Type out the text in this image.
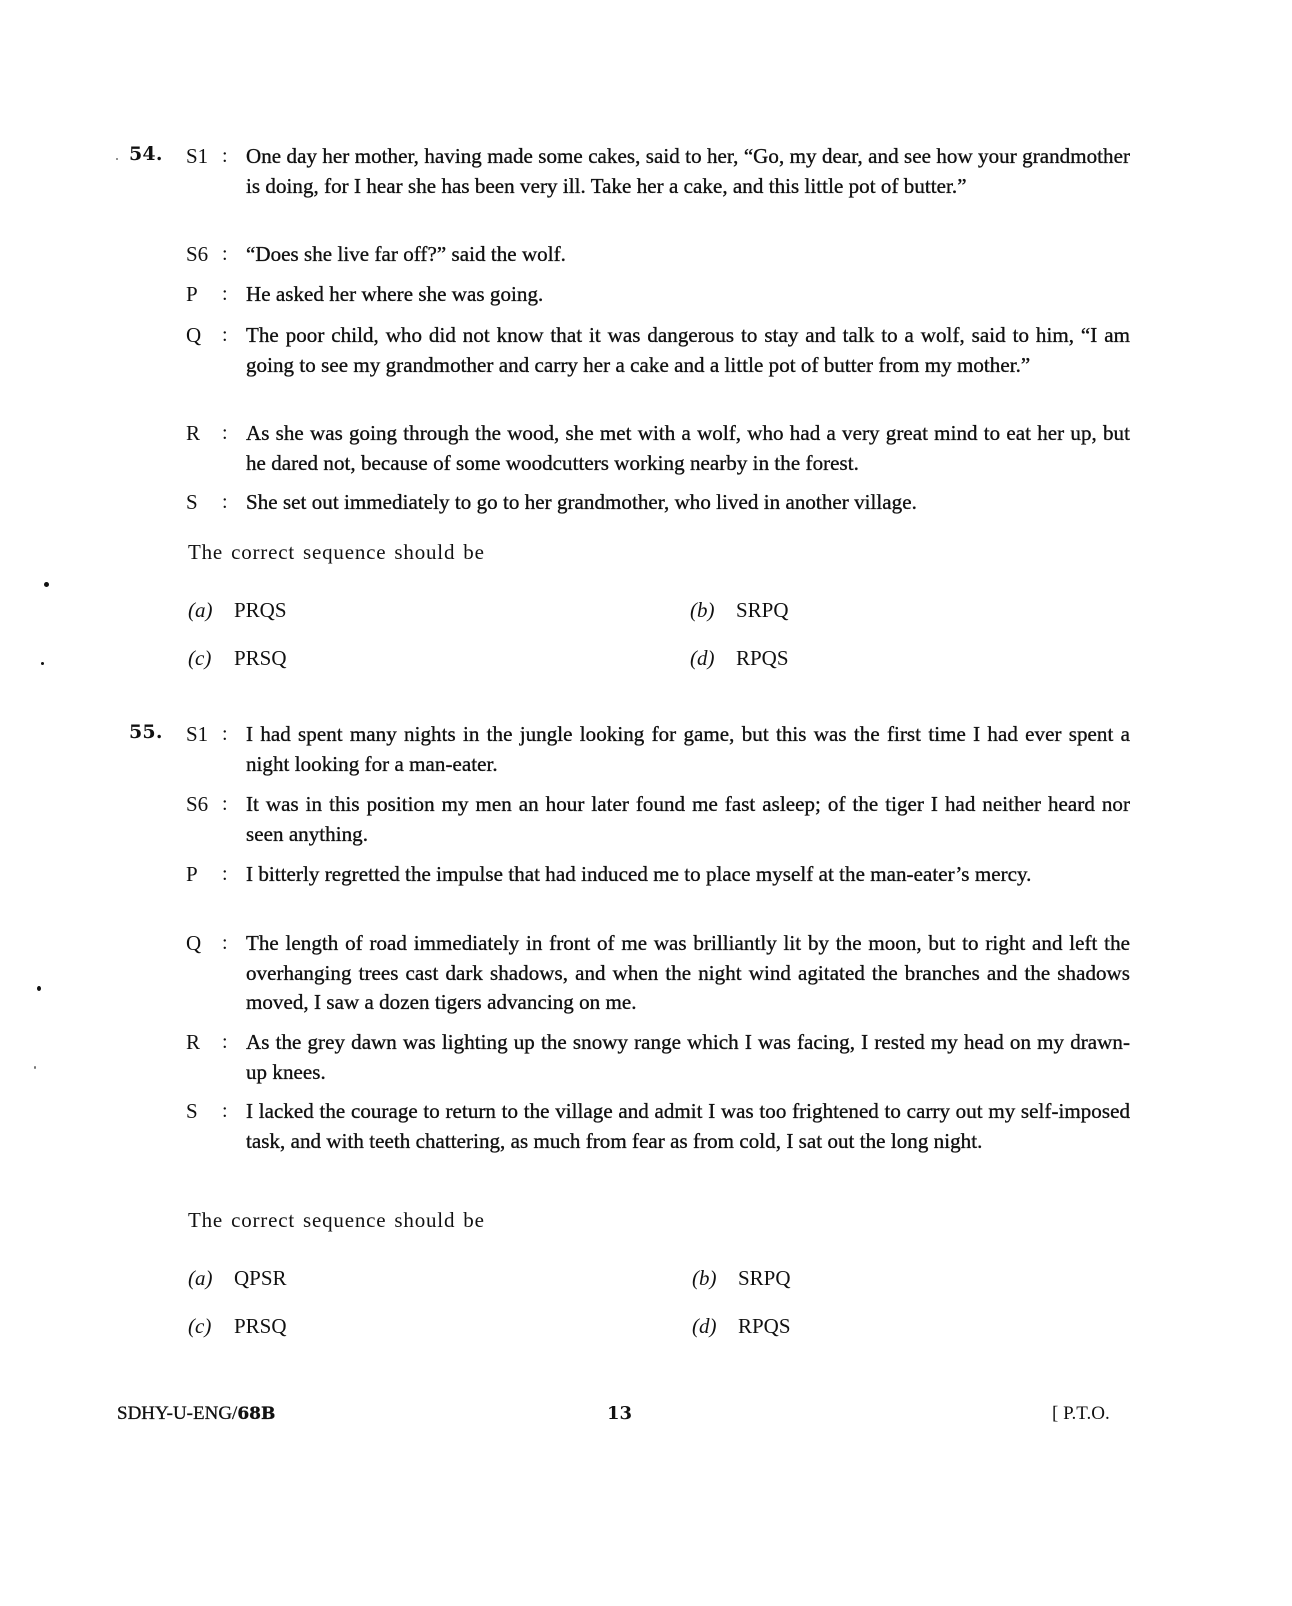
54. S1 : One day her mother, having made some cakes, said to her, “Go, my dear, and see how your grandmother is doing, for I hear she has been very ill. Take her a cake, and this little pot of butter.”
S6 : “Does she live far off?” said the wolf.
P	: He asked her where she was going.
Q	: The poor child, who did not know that it was dangerous to stay and talk to a wolf, said to him, “I am going to see my grandmother and carry her a cake and a little pot of butter from my mother.”
R	: As she was going through the wood, she met with a wolf, who had a very great mind to eat her up, but he dared not, because of some woodcutters working nearby in the forest.
S	: She set out immediately to go to her grandmother, who lived in another village.
The correct sequence should be
(a) PRQS	(b) SRPQ
(c) PRSQ	(d) RPQS
55. S1 : I had spent many nights in the jungle looking for game, but this was the first time I had ever spent a night looking for a man-eater.
S6 : It was in this position my men an hour later found me fast asleep; of the tiger I had neither heard nor seen anything.
P	: I bitterly regretted the impulse that had induced me to place myself at the man-eater’s mercy.
Q	: The length of road immediately in front of me was brilliantly lit by the moon, but to right and left the overhanging trees cast dark shadows, and when the night wind agitated the branches and the shadows moved, I saw a dozen tigers advancing on me.
R	: As the grey dawn was lighting up the snowy range which I was facing, I rested my head on my drawn-up knees.
S	: I lacked the courage to return to the village and admit I was too frightened to carry out my self-imposed task, and with teeth chattering, as much from fear as from cold, I sat out the long night.
The correct sequence should be
(a) QPSR	(b) SRPQ
(c) PRSQ	(d) RPQS
SDHY-U-ENG/68B	13	[ P.T.O.
